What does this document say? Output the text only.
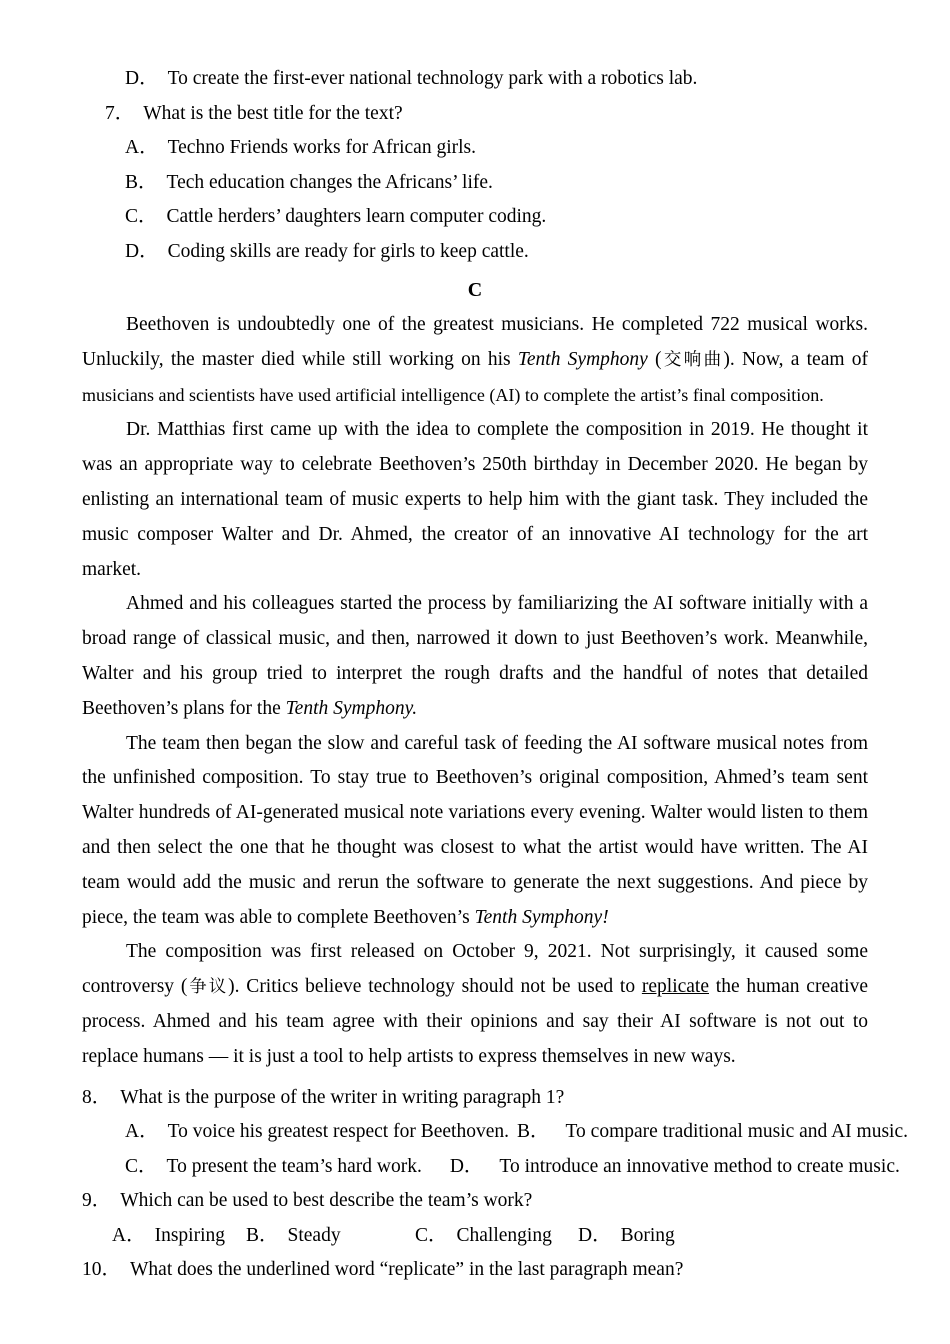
D． To create the first-ever national technology park with a robotics lab.
7． What is the best title for the text?
A． Techno Friends works for African girls.
B． Tech education changes the Africans’ life.
C． Cattle herders’ daughters learn computer coding.
D． Coding skills are ready for girls to keep cattle.
C

Beethoven is undoubtedly one of the greatest musicians. He completed 722 musical works. Unluckily, the master died while still working on his Tenth Symphony (交响曲). Now, a team of musicians and scientists have used artificial intelligence (AI) to complete the artist’s final composition.

Dr. Matthias first came up with the idea to complete the composition in 2019. He thought it was an appropriate way to celebrate Beethoven’s 250th birthday in December 2020. He began by enlisting an international team of music experts to help him with the giant task. They included the music composer Walter and Dr. Ahmed, the creator of an innovative AI technology for the art market.

Ahmed and his colleagues started the process by familiarizing the AI software initially with a broad range of classical music, and then, narrowed it down to just Beethoven’s work. Meanwhile, Walter and his group tried to interpret the rough drafts and the handful of notes that detailed Beethoven’s plans for the Tenth Symphony.

The team then began the slow and careful task of feeding the AI software musical notes from the unfinished composition. To stay true to Beethoven’s original composition, Ahmed’s team sent Walter hundreds of AI-generated musical note variations every evening. Walter would listen to them and then select the one that he thought was closest to what the artist would have written. The AI team would add the music and rerun the software to generate the next suggestions. And piece by piece, the team was able to complete Beethoven’s Tenth Symphony!

The composition was first released on October 9, 2021. Not surprisingly, it caused some controversy (争议). Critics believe technology should not be used to replicate the human creative process. Ahmed and his team agree with their opinions and say their AI software is not out to replace humans — it is just a tool to help artists to express themselves in new ways.

8． What is the purpose of the writer in writing paragraph 1?
A． To voice his greatest respect for Beethoven. B． To compare traditional music and AI music.
C． To present the team’s hard work. D． To introduce an innovative method to create music.
9． Which can be used to best describe the team’s work?
A． Inspiring B． Steady	C． Challenging D． Boring
10． What does the underlined word “replicate” in the last paragraph mean?
